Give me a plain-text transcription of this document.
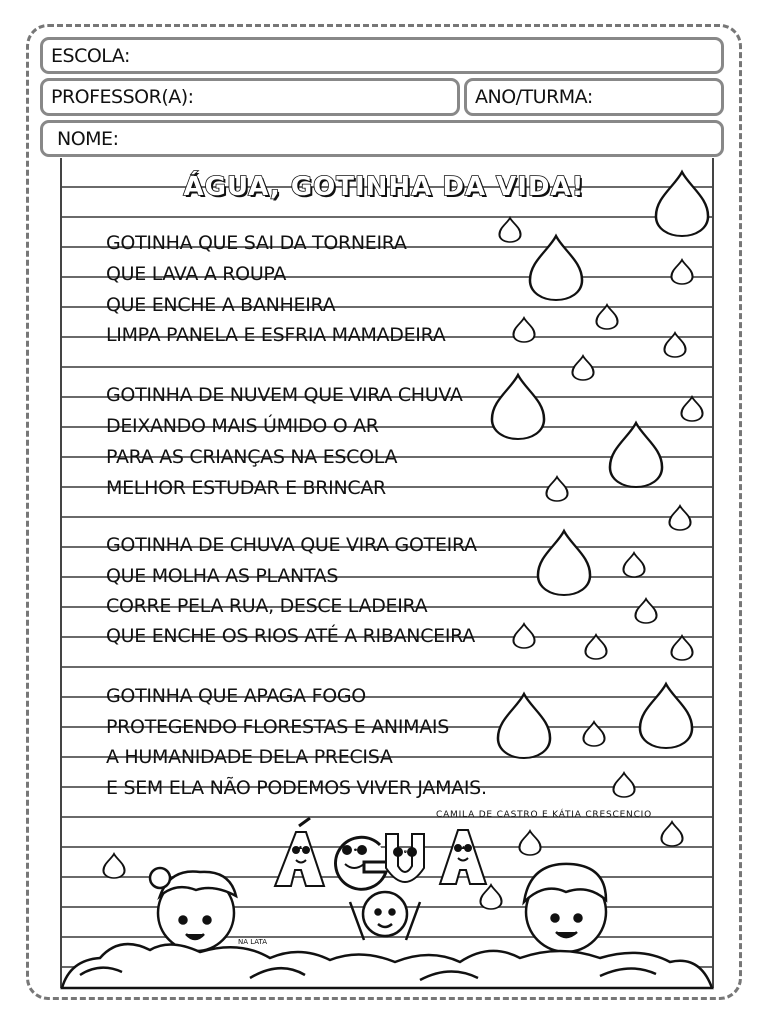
ESCOLA:
PROFESSOR(A):	ANO/TURMA:
NOME:
ÁGUA, GOTINHA DA VIDA!
GOTINHA QUE SAI DA TORNEIRA
QUE LAVA A ROUPA
QUE ENCHE A BANHEIRA
LIMPA PANELA E ESFRIA MAMADEIRA
GOTINHA DE NUVEM QUE VIRA CHUVA
DEIXANDO MAIS ÚMIDO O AR
PARA AS CRIANÇAS NA ESCOLA
MELHOR ESTUDAR E BRINCAR
GOTINHA DE CHUVA QUE VIRA GOTEIRA
QUE MOLHA AS PLANTAS
CORRE PELA RUA, DESCE LADEIRA
QUE ENCHE OS RIOS ATÉ A RIBANCEIRA
GOTINHA QUE APAGA FOGO
PROTEGENDO FLORESTAS E ANIMAIS
A HUMANIDADE DELA PRECISA
E SEM ELA NÃO PODEMOS VIVER JAMAIS.
CAMILA DE CASTRO E KÁTIA CRESCENCIO
Á
G
U
A
NA LATA
